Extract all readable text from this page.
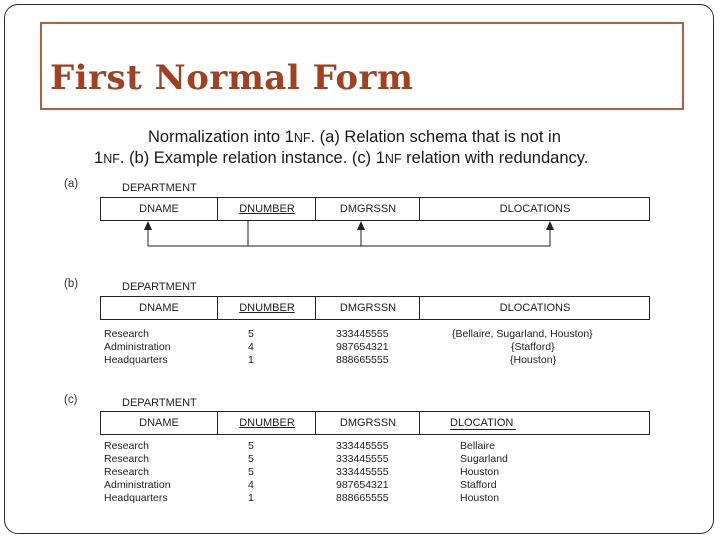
First Normal Form
Normalization into 1NF. (a) Relation schema that is not in
1NF. (b) Example relation instance. (c) 1NF relation with redundancy.
(a)	DEPARTMENT
DNAME	DNUMBER	DMGRSSN	DLOCATIONS
(b)	DEPARTMENT
DNAME	DNUMBER	DMGRSSN	DLOCATIONS
Research	5	333445555	{Bellaire, Sugarland, Houston}
Administration	4	987654321	{Stafford}
Headquarters	1	888665555	{Houston}
(c)	DEPARTMENT
DNAME	DNUMBER	DMGRSSN	DLOCATION
Research	5	333445555	Bellaire
Research	5	333445555	Sugarland
Research	5	333445555	Houston
Administration	4	987654321	Stafford
Headquarters	1	888665555	Houston
